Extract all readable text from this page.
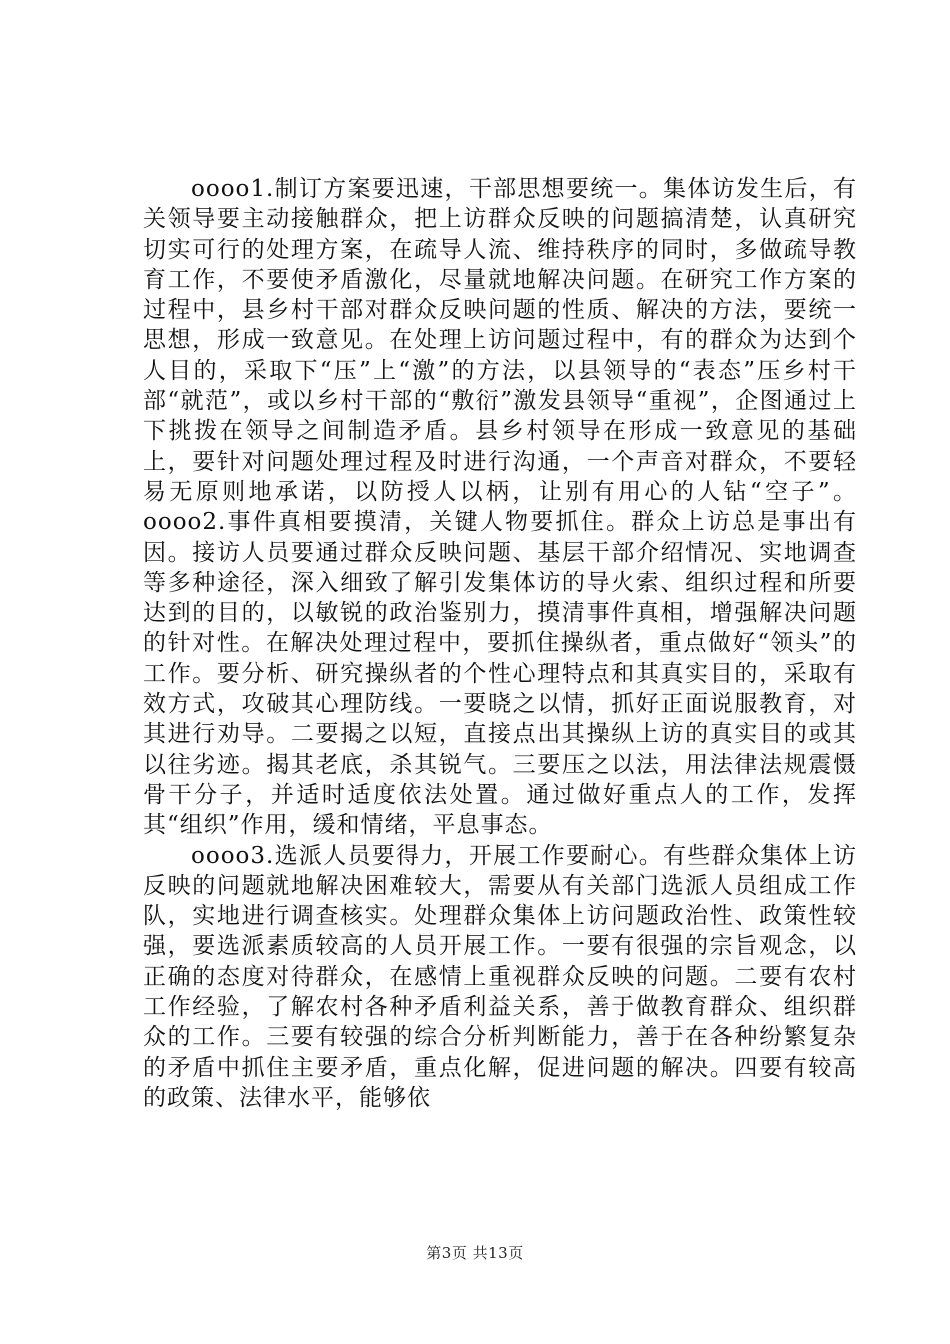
oooo1.制订方案要迅速，干部思想要统一。集体访发生后，有关领导要主动接触群众，把上访群众反映的问题搞清楚，认真研究切实可行的处理方案，在疏导人流、维持秩序的同时，多做疏导教育工作，不要使矛盾激化，尽量就地解决问题。在研究工作方案的过程中，县乡村干部对群众反映问题的性质、解决的方法，要统一思想，形成一致意见。在处理上访问题过程中，有的群众为达到个人目的，采取下“压”上“激”的方法，以县领导的“表态”压乡村干部“就范”，或以乡村干部的“敷衍”激发县领导“重视”，企图通过上下挑拨在领导之间制造矛盾。县乡村领导在形成一致意见的基础上，要针对问题处理过程及时进行沟通，一个声音对群众，不要轻易无原则地承诺，以防授人以柄，让别有用心的人钻“空子”。oooo2.事件真相要摸清，关键人物要抓住。群众上访总是事出有因。接访人员要通过群众反映问题、基层干部介绍情况、实地调查等多种途径，深入细致了解引发集体访的导火索、组织过程和所要达到的目的，以敏锐的政治鉴别力，摸清事件真相，增强解决问题的针对性。在解决处理过程中，要抓住操纵者，重点做好“领头”的工作。要分析、研究操纵者的个性心理特点和其真实目的，采取有效方式，攻破其心理防线。一要晓之以情，抓好正面说服教育，对其进行劝导。二要揭之以短，直接点出其操纵上访的真实目的或其以往劣迹。揭其老底，杀其锐气。三要压之以法，用法律法规震慑骨干分子，并适时适度依法处置。通过做好重点人的工作，发挥其“组织”作用，缓和情绪，平息事态。

oooo3.选派人员要得力，开展工作要耐心。有些群众集体上访反映的问题就地解决困难较大，需要从有关部门选派人员组成工作队，实地进行调查核实。处理群众集体上访问题政治性、政策性较强，要选派素质较高的人员开展工作。一要有很强的宗旨观念，以正确的态度对待群众，在感情上重视群众反映的问题。二要有农村工作经验，了解农村各种矛盾利益关系，善于做教育群众、组织群众的工作。三要有较强的综合分析判断能力，善于在各种纷繁复杂的矛盾中抓住主要矛盾，重点化解，促进问题的解决。四要有较高的政策、法律水平，能够依

第3页 共13页
